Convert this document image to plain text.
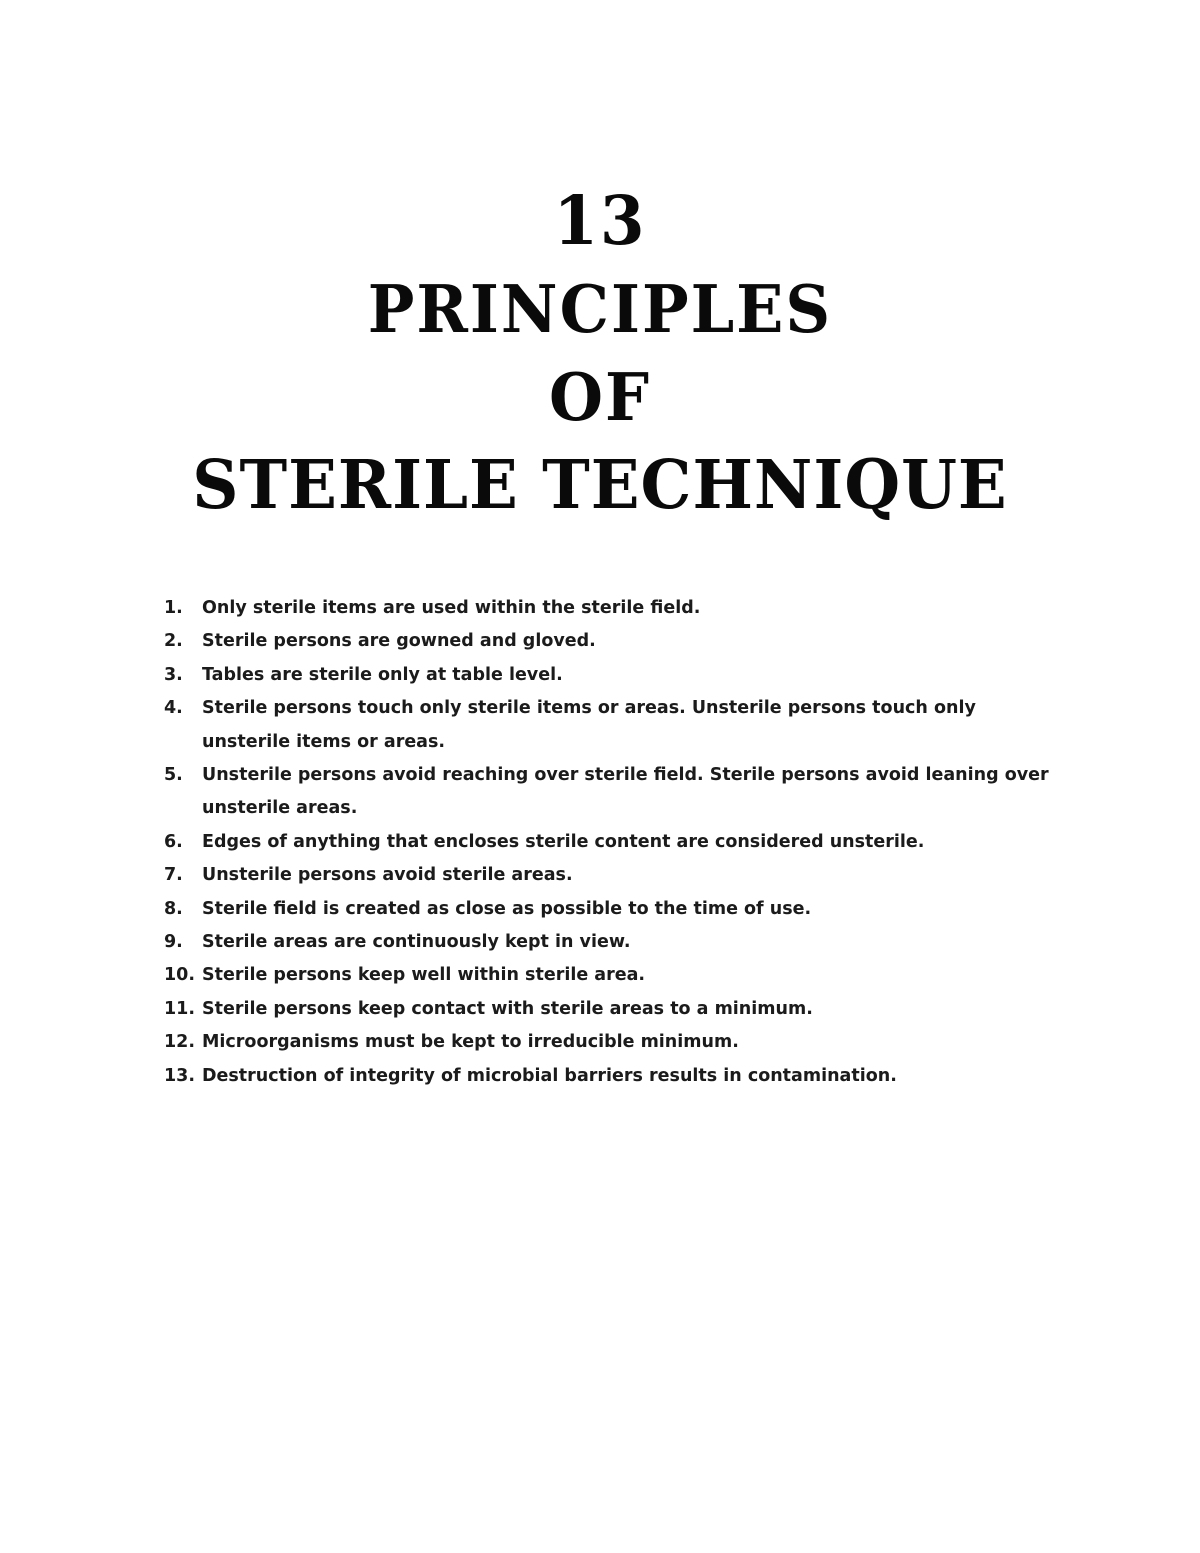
13
PRINCIPLES
OF
STERILE TECHNIQUE
1.	Only sterile items are used within the sterile field.
2.	Sterile persons are gowned and gloved.
3.	Tables are sterile only at table level.
4.	Sterile persons touch only sterile items or areas. Unsterile persons touch only unsterile items or areas.
5.	Unsterile persons avoid reaching over sterile field. Sterile persons avoid leaning over unsterile areas.
6.	Edges of anything that encloses sterile content are considered unsterile.
7.	Unsterile persons avoid sterile areas.
8.	Sterile field is created as close as possible to the time of use.
9.	Sterile areas are continuously kept in view.
10. Sterile persons keep well within sterile area.
11. Sterile persons keep contact with sterile areas to a minimum.
12. Microorganisms must be kept to irreducible minimum.
13. Destruction of integrity of microbial barriers results in contamination.
